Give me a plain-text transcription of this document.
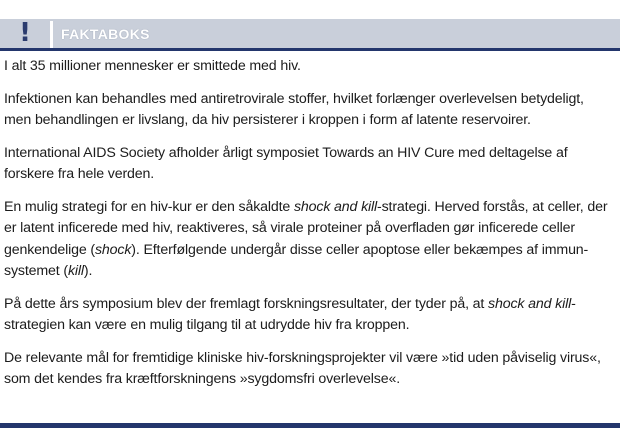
! FAKTABOKS

I alt 35 millioner mennesker er smittede med hiv.

Infektionen kan behandles med antiretrovirale stoffer, hvilket forlænger overlevelsen betydeligt, men behandlingen er livslang, da hiv persisterer i kroppen i form af latente reservoirer.

International AIDS Society afholder årligt symposiet Towards an HIV Cure med deltagelse af forskere fra hele verden.

En mulig strategi for en hiv-kur er den såkaldte shock and kill-strategi. Herved forstås, at celler, der er latent inficerede med hiv, reaktiveres, så virale proteiner på overfladen gør inficerede celler genkendelige (shock). Efterfølgende undergår disse celler apoptose eller bekæmpes af immun-systemet (kill).

På dette års symposium blev der fremlagt forskningsresultater, der tyder på, at shock and kill-strategien kan være en mulig tilgang til at udrydde hiv fra kroppen.

De relevante mål for fremtidige kliniske hiv-forskningsprojekter vil være »tid uden påviselig virus«, som det kendes fra kræftforskningens »sygdomsfri overlevelse«.
